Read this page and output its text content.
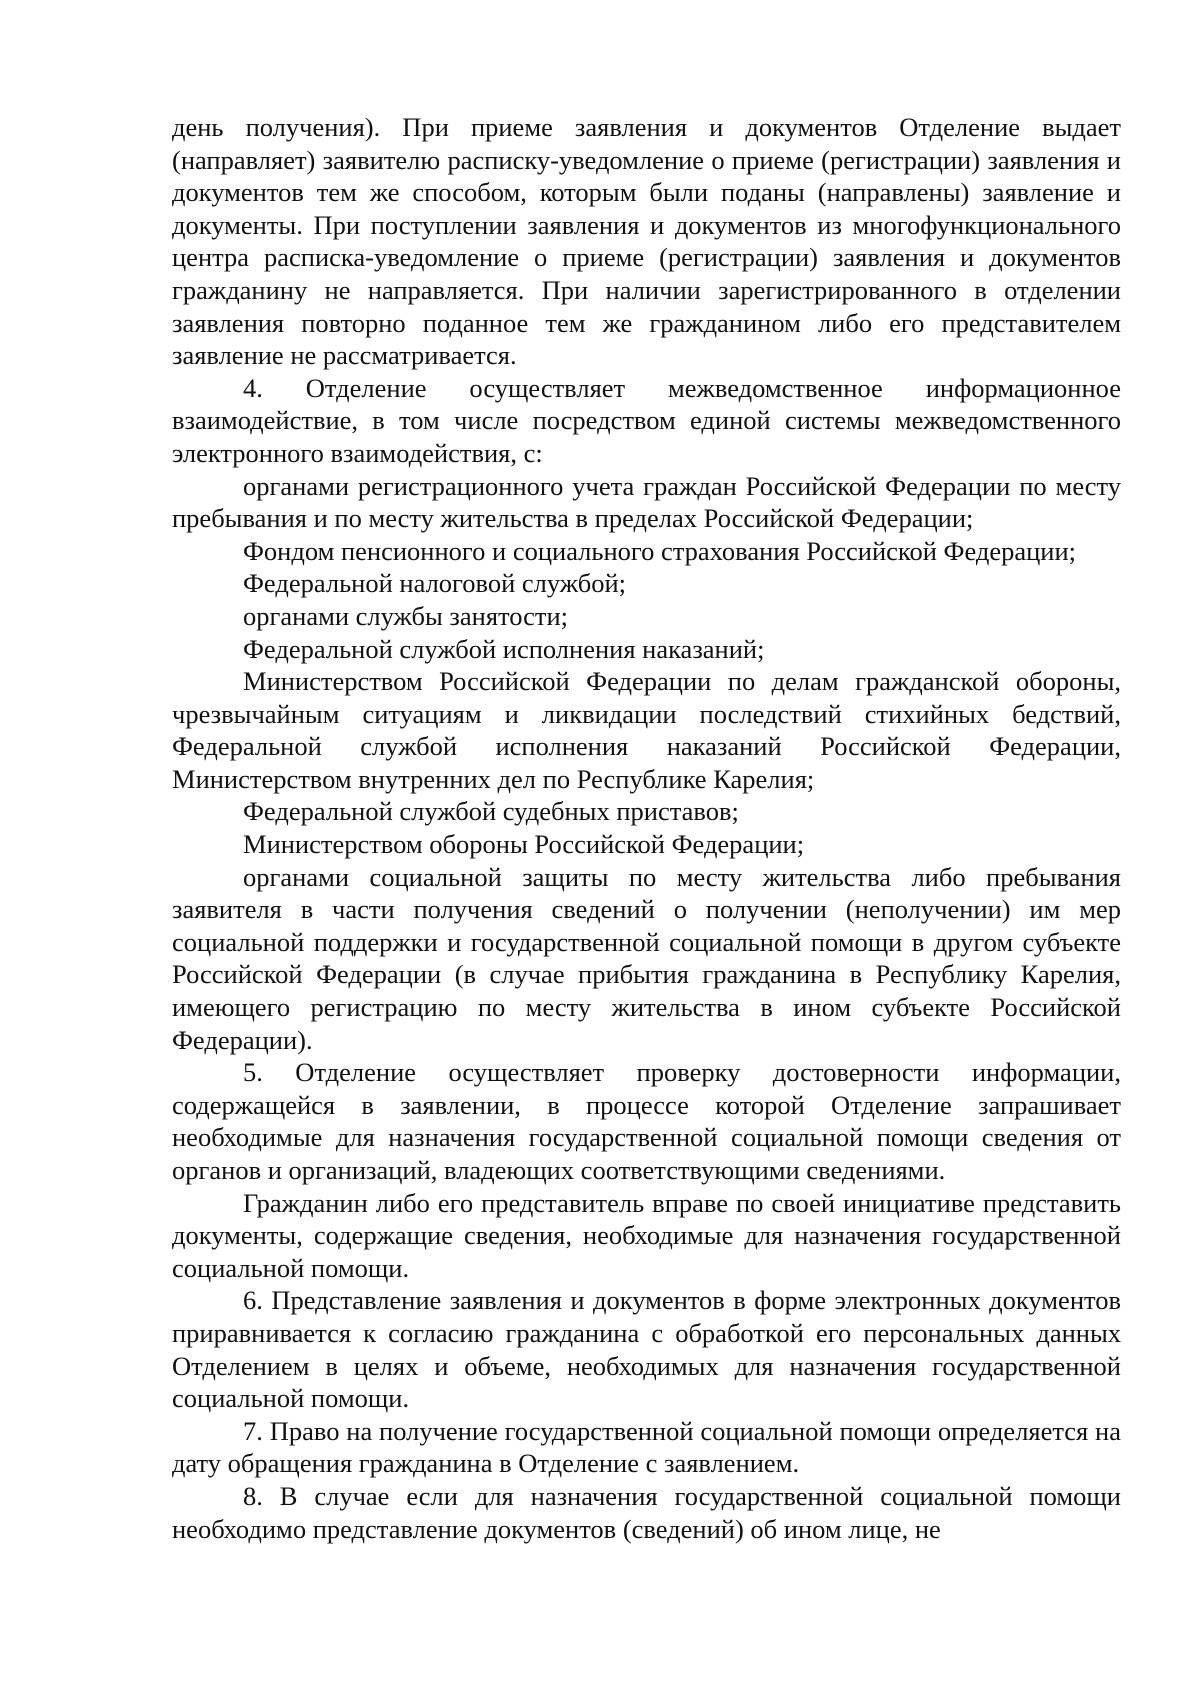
день получения). При приеме заявления и документов Отделение выдает (направляет) заявителю расписку-уведомление о приеме (регистрации) заявления и документов тем же способом, которым были поданы (направлены) заявление и документы. При поступлении заявления и документов из многофункционального центра расписка-уведомление о приеме (регистрации) заявления и документов гражданину не направляется. При наличии зарегистрированного в отделении заявления повторно поданное тем же гражданином либо его представителем заявление не рассматривается.

4. Отделение осуществляет межведомственное информационное взаимодействие, в том числе посредством единой системы межведомственного электронного взаимодействия, с:

органами регистрационного учета граждан Российской Федерации по месту пребывания и по месту жительства в пределах Российской Федерации;

Фондом пенсионного и социального страхования Российской Федерации;

Федеральной налоговой службой;

органами службы занятости;

Федеральной службой исполнения наказаний;

Министерством Российской Федерации по делам гражданской обороны, чрезвычайным ситуациям и ликвидации последствий стихийных бедствий, Федеральной службой исполнения наказаний Российской Федерации, Министерством внутренних дел по Республике Карелия;

Федеральной службой судебных приставов;

Министерством обороны Российской Федерации;

органами социальной защиты по месту жительства либо пребывания заявителя в части получения сведений о получении (неполучении) им мер социальной поддержки и государственной социальной помощи в другом субъекте Российской Федерации (в случае прибытия гражданина в Республику Карелия, имеющего регистрацию по месту жительства в ином субъекте Российской Федерации).

5. Отделение осуществляет проверку достоверности информации, содержащейся в заявлении, в процессе которой Отделение запрашивает необходимые для назначения государственной социальной помощи сведения от органов и организаций, владеющих соответствующими сведениями.

Гражданин либо его представитель вправе по своей инициативе представить документы, содержащие сведения, необходимые для назначения государственной социальной помощи.

6. Представление заявления и документов в форме электронных документов приравнивается к согласию гражданина с обработкой его персональных данных Отделением в целях и объеме, необходимых для назначения государственной социальной помощи.

7. Право на получение государственной социальной помощи определяется на дату обращения гражданина в Отделение с заявлением.

8. В случае если для назначения государственной социальной помощи необходимо представление документов (сведений) об ином лице, не
